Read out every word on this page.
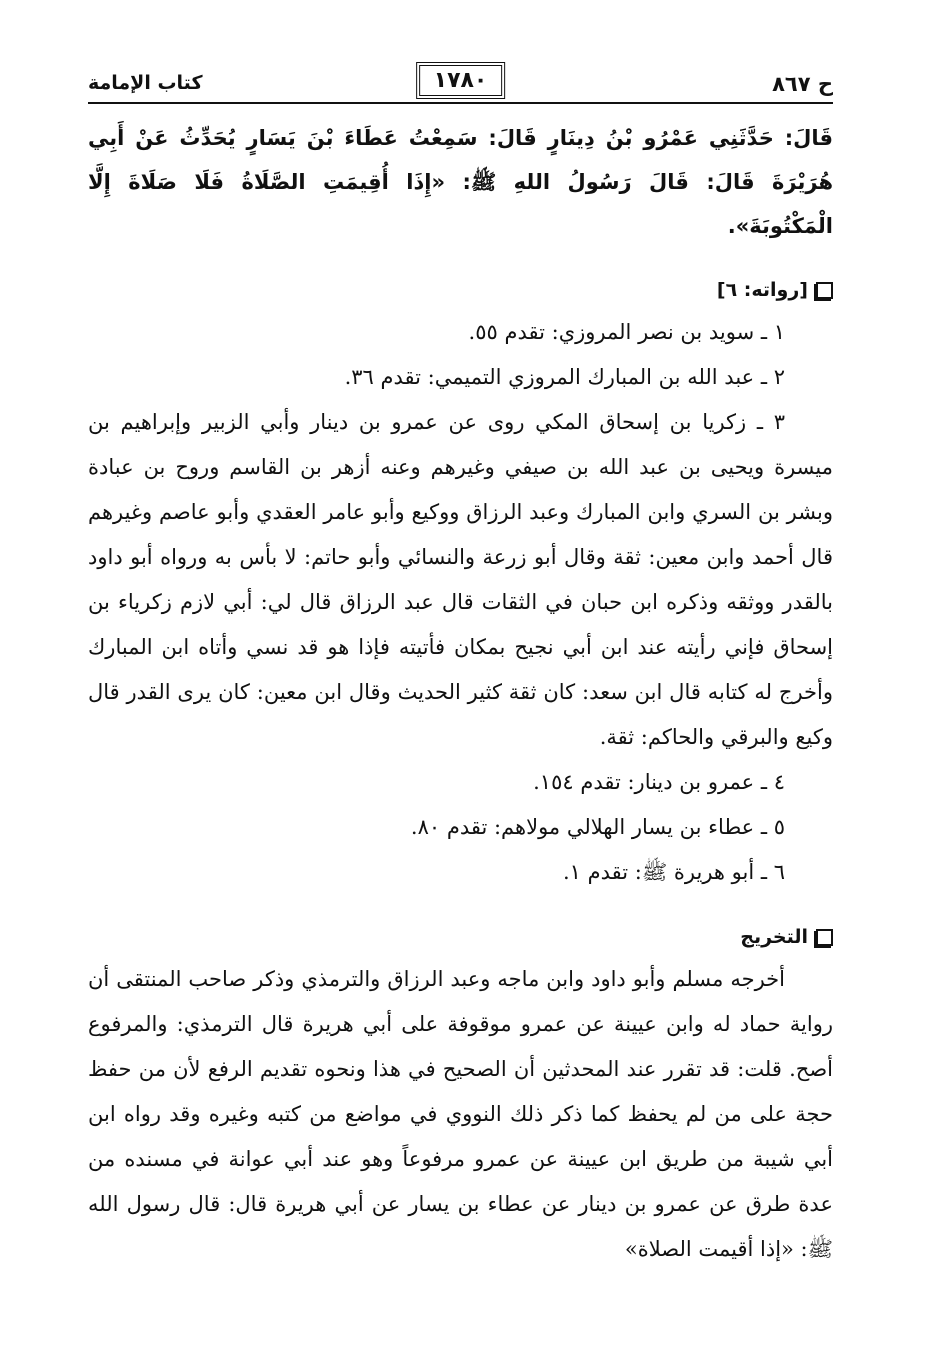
ح ٨٦٧
١٧٨٠
كتاب الإمامة

قَالَ: حَدَّثَنِي عَمْرُو بْنُ دِينَارٍ قَالَ: سَمِعْتُ عَطَاءَ بْنَ يَسَارٍ يُحَدِّثُ عَنْ أَبِي هُرَيْرَةَ قَالَ: قَالَ رَسُولُ اللهِ ﷺ: «إِذَا أُقِيمَتِ الصَّلَاةُ فَلَا صَلَاةَ إِلَّا الْمَكْتُوبَةَ».

[رواته: ٦]

١ ـ سويد بن نصر المروزي: تقدم ٥٥.

٢ ـ عبد الله بن المبارك المروزي التميمي: تقدم ٣٦.

٣ ـ زكريا بن إسحاق المكي روى عن عمرو بن دينار وأبي الزبير وإبراهيم بن ميسرة ويحيى بن عبد الله بن صيفي وغيرهم وعنه أزهر بن القاسم وروح بن عبادة وبشر بن السري وابن المبارك وعبد الرزاق ووكيع وأبو عامر العقدي وأبو عاصم وغيرهم قال أحمد وابن معين: ثقة وقال أبو زرعة والنسائي وأبو حاتم: لا بأس به ورواه أبو داود بالقدر ووثقه وذكره ابن حبان في الثقات قال عبد الرزاق قال لي: أبي لازم زكرياء بن إسحاق فإني رأيته عند ابن أبي نجيح بمكان فأتيته فإذا هو قد نسي وأتاه ابن المبارك وأخرج له كتابه قال ابن سعد: كان ثقة كثير الحديث وقال ابن معين: كان يرى القدر قال وكيع والبرقي والحاكم: ثقة.

٤ ـ عمرو بن دينار: تقدم ١٥٤.

٥ ـ عطاء بن يسار الهلالي مولاهم: تقدم ٨٠.

٦ ـ أبو هريرة ﷺ: تقدم ١.

التخريج

أخرجه مسلم وأبو داود وابن ماجه وعبد الرزاق والترمذي وذكر صاحب المنتقى أن رواية حماد له وابن عيينة عن عمرو موقوفة على أبي هريرة قال الترمذي: والمرفوع أصح. قلت: قد تقرر عند المحدثين أن الصحيح في هذا ونحوه تقديم الرفع لأن من حفظ حجة على من لم يحفظ كما ذكر ذلك النووي في مواضع من كتبه وغيره وقد رواه ابن أبي شيبة من طريق ابن عيينة عن عمرو مرفوعاً وهو عند أبي عوانة في مسنده من عدة طرق عن عمرو بن دينار عن عطاء بن يسار عن أبي هريرة قال: قال رسول الله ﷺ: «إذا أقيمت الصلاة»
